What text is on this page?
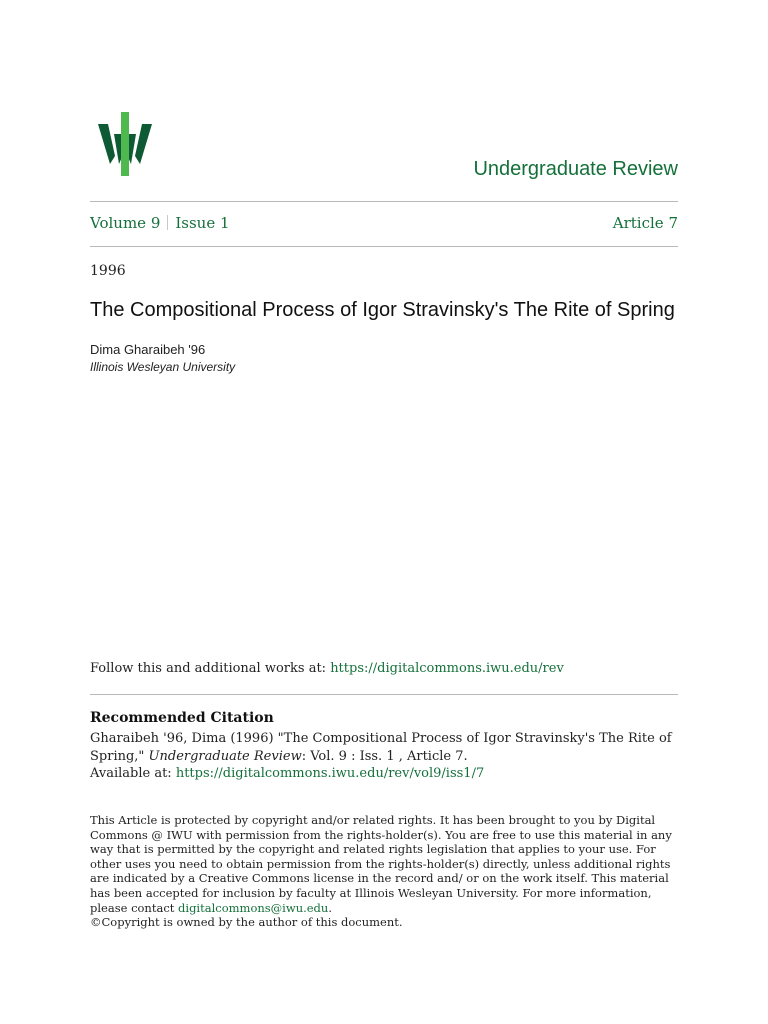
Undergraduate Review
Volume 9 Issue 1	Article 7
1996
The Compositional Process of Igor Stravinsky's The Rite of Spring
Dima Gharaibeh '96
Illinois Wesleyan University
Follow this and additional works at: https://digitalcommons.iwu.edu/rev
Recommended Citation
Gharaibeh '96, Dima (1996) "The Compositional Process of Igor Stravinsky's The Rite of Spring," Undergraduate Review: Vol. 9 : Iss. 1 , Article 7.
Available at: https://digitalcommons.iwu.edu/rev/vol9/iss1/7
This Article is protected by copyright and/or related rights. It has been brought to you by Digital Commons @ IWU with permission from the rights-holder(s). You are free to use this material in any way that is permitted by the copyright and related rights legislation that applies to your use. For other uses you need to obtain permission from the rights-holder(s) directly, unless additional rights are indicated by a Creative Commons license in the record and/ or on the work itself. This material has been accepted for inclusion by faculty at Illinois Wesleyan University. For more information, please contact digitalcommons@iwu.edu.
©Copyright is owned by the author of this document.
